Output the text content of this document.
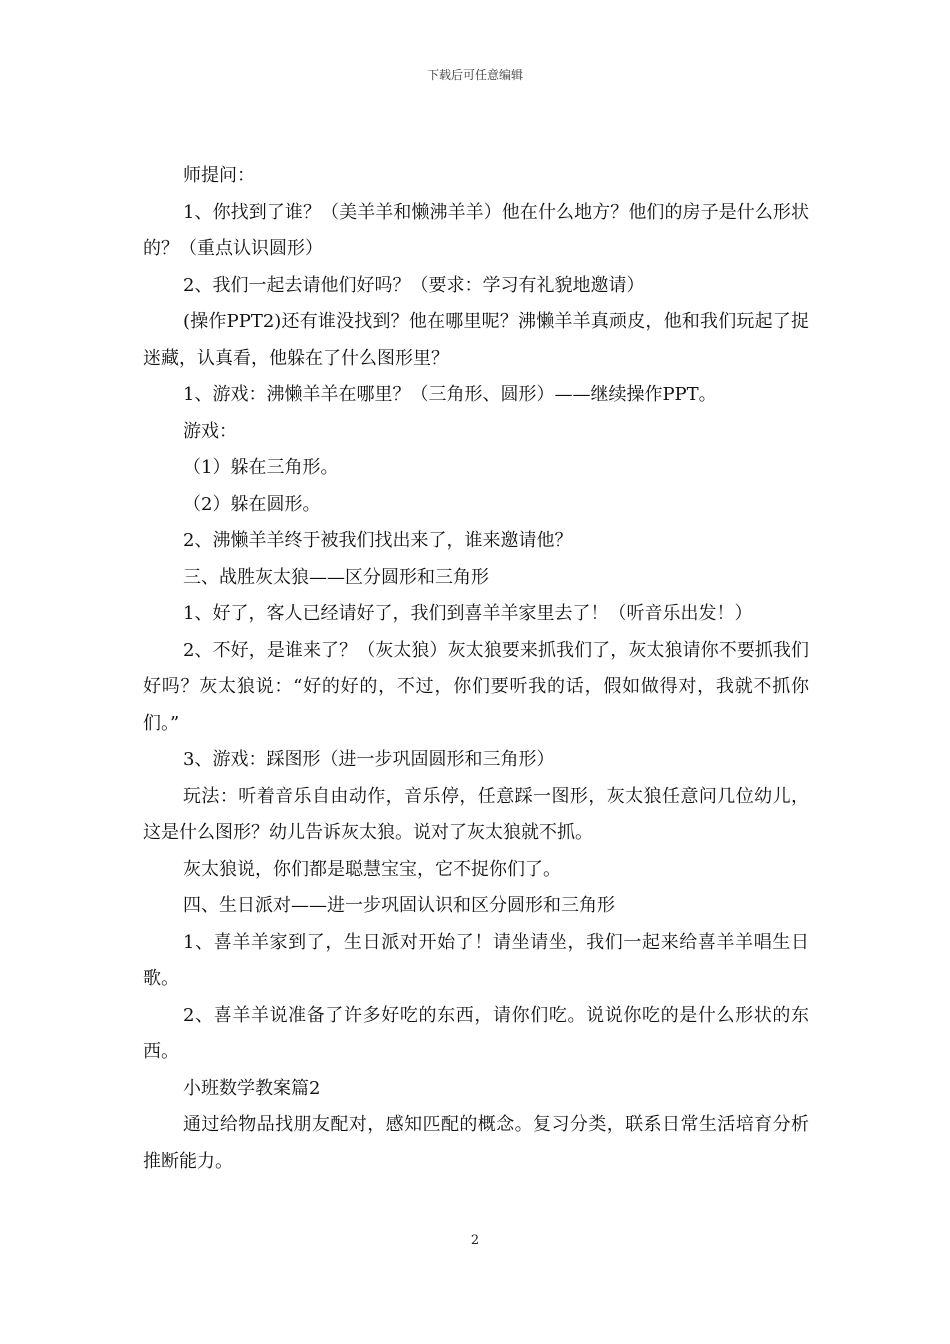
下载后可任意编辑

师提问：

1、你找到了谁？（美羊羊和懒沸羊羊）他在什么地方？他们的房子是什么形状的？（重点认识圆形）

2、我们一起去请他们好吗？（要求：学习有礼貌地邀请）

(操作PPT2)还有谁没找到？他在哪里呢？沸懒羊羊真顽皮，他和我们玩起了捉迷藏，认真看，他躲在了什么图形里？

1、游戏：沸懒羊羊在哪里？（三角形、圆形）——继续操作PPT。

游戏：

（1）躲在三角形。

（2）躲在圆形。

2、沸懒羊羊终于被我们找出来了，谁来邀请他？

三、战胜灰太狼——区分圆形和三角形

1、好了，客人已经请好了，我们到喜羊羊家里去了！（听音乐出发！）

2、不好，是谁来了？（灰太狼）灰太狼要来抓我们了，灰太狼请你不要抓我们好吗？灰太狼说：“好的好的，不过，你们要听我的话，假如做得对，我就不抓你们。”

3、游戏：踩图形（进一步巩固圆形和三角形）

玩法：听着音乐自由动作，音乐停，任意踩一图形，灰太狼任意问几位幼儿，这是什么图形？幼儿告诉灰太狼。说对了灰太狼就不抓。

灰太狼说，你们都是聪慧宝宝，它不捉你们了。

四、生日派对——进一步巩固认识和区分圆形和三角形

1、喜羊羊家到了，生日派对开始了！请坐请坐，我们一起来给喜羊羊唱生日歌。

2、喜羊羊说准备了许多好吃的东西，请你们吃。说说你吃的是什么形状的东西。

小班数学教案篇2

通过给物品找朋友配对，感知匹配的概念。复习分类，联系日常生活培育分析推断能力。

2
